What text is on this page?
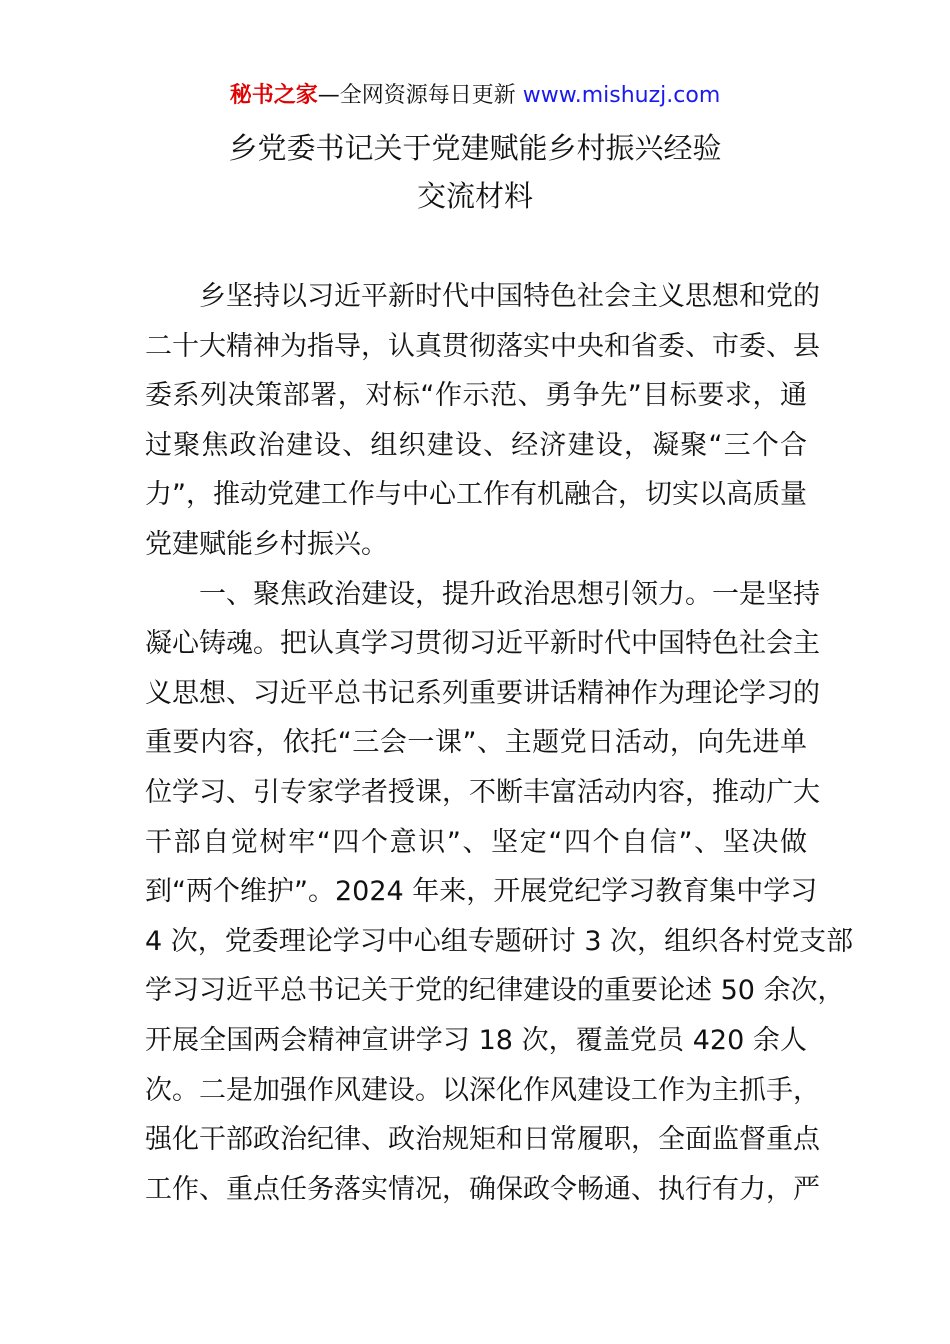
秘书之家—全网资源每日更新 www.mishuzj.com
乡党委书记关于党建赋能乡村振兴经验
交流材料
乡坚持以习近平新时代中国特色社会主义思想和党的
二十大精神为指导，认真贯彻落实中央和省委、市委、县
委系列决策部署，对标“作示范、勇争先”目标要求，通
过聚焦政治建设、组织建设、经济建设，凝聚“三个合
力”，推动党建工作与中心工作有机融合，切实以高质量
党建赋能乡村振兴。
一、聚焦政治建设，提升政治思想引领力。一是坚持
凝心铸魂。把认真学习贯彻习近平新时代中国特色社会主
义思想、习近平总书记系列重要讲话精神作为理论学习的
重要内容，依托“三会一课”、主题党日活动，向先进单
位学习、引专家学者授课，不断丰富活动内容，推动广大
干部自觉树牢“四个意识”、坚定“四个自信”、坚决做
到“两个维护”。2024 年来，开展党纪学习教育集中学习
4 次，党委理论学习中心组专题研讨 3 次，组织各村党支部
学习习近平总书记关于党的纪律建设的重要论述 50 余次，
开展全国两会精神宣讲学习 18 次，覆盖党员 420 余人
次。二是加强作风建设。以深化作风建设工作为主抓手，
强化干部政治纪律、政治规矩和日常履职，全面监督重点
工作、重点任务落实情况，确保政令畅通、执行有力，严
